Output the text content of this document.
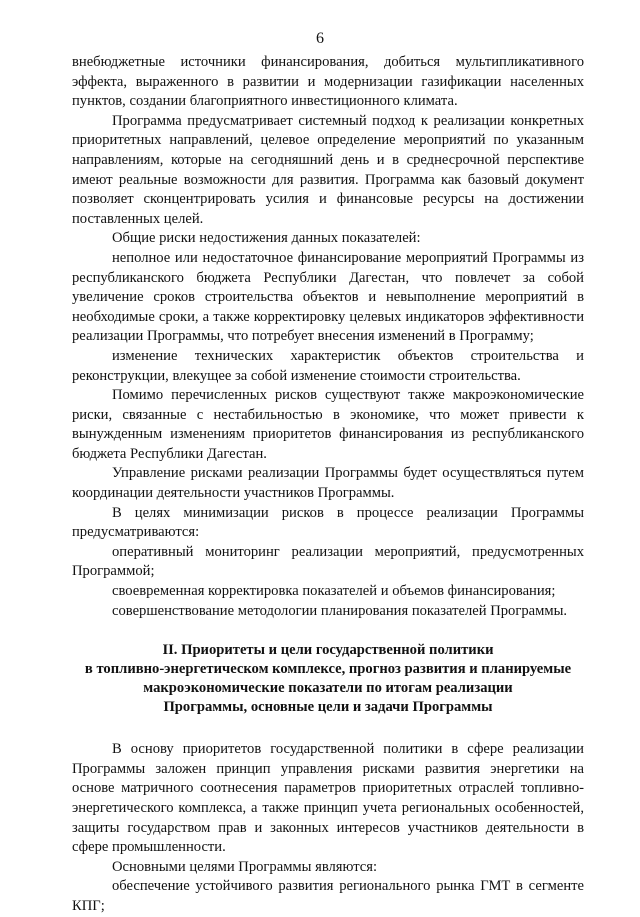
6

внебюджетные источники финансирования, добиться мультипликативного эффекта, выраженного в развитии и модернизации газификации населенных пунктов, создании благоприятного инвестиционного климата.

Программа предусматривает системный подход к реализации конкретных приоритетных направлений, целевое определение мероприятий по указанным направлениям, которые на сегодняшний день и в среднесрочной перспективе имеют реальные возможности для развития. Программа как базовый документ позволяет сконцентрировать усилия и финансовые ресурсы на достижении поставленных целей.

Общие риски недостижения данных показателей:

неполное или недостаточное финансирование мероприятий Программы из республиканского бюджета Республики Дагестан, что повлечет за собой увеличение сроков строительства объектов и невыполнение мероприятий в необходимые сроки, а также корректировку целевых индикаторов эффективности реализации Программы, что потребует внесения изменений в Программу;

изменение технических характеристик объектов строительства и реконструкции, влекущее за собой изменение стоимости строительства.

Помимо перечисленных рисков существуют также макроэкономические риски, связанные с нестабильностью в экономике, что может привести к вынужденным изменениям приоритетов финансирования из республиканского бюджета Республики Дагестан.

Управление рисками реализации Программы будет осуществляться путем координации деятельности участников Программы.

В целях минимизации рисков в процессе реализации Программы предусматриваются:

оперативный мониторинг реализации мероприятий, предусмотренных Программой;

своевременная корректировка показателей и объемов финансирования;

совершенствование методологии планирования показателей Программы.

II. Приоритеты и цели государственной политики
в топливно-энергетическом комплексе, прогноз развития и планируемые
макроэкономические показатели по итогам реализации
Программы, основные цели и задачи Программы

В основу приоритетов государственной политики в сфере реализации Программы заложен принцип управления рисками развития энергетики на основе матричного соотнесения параметров приоритетных отраслей топливно-энергетического комплекса, а также принцип учета региональных особенностей, защиты государством прав и законных интересов участников деятельности в сфере промышленности.

Основными целями Программы являются:

обеспечение устойчивого развития регионального рынка ГМТ в сегменте КПГ;
